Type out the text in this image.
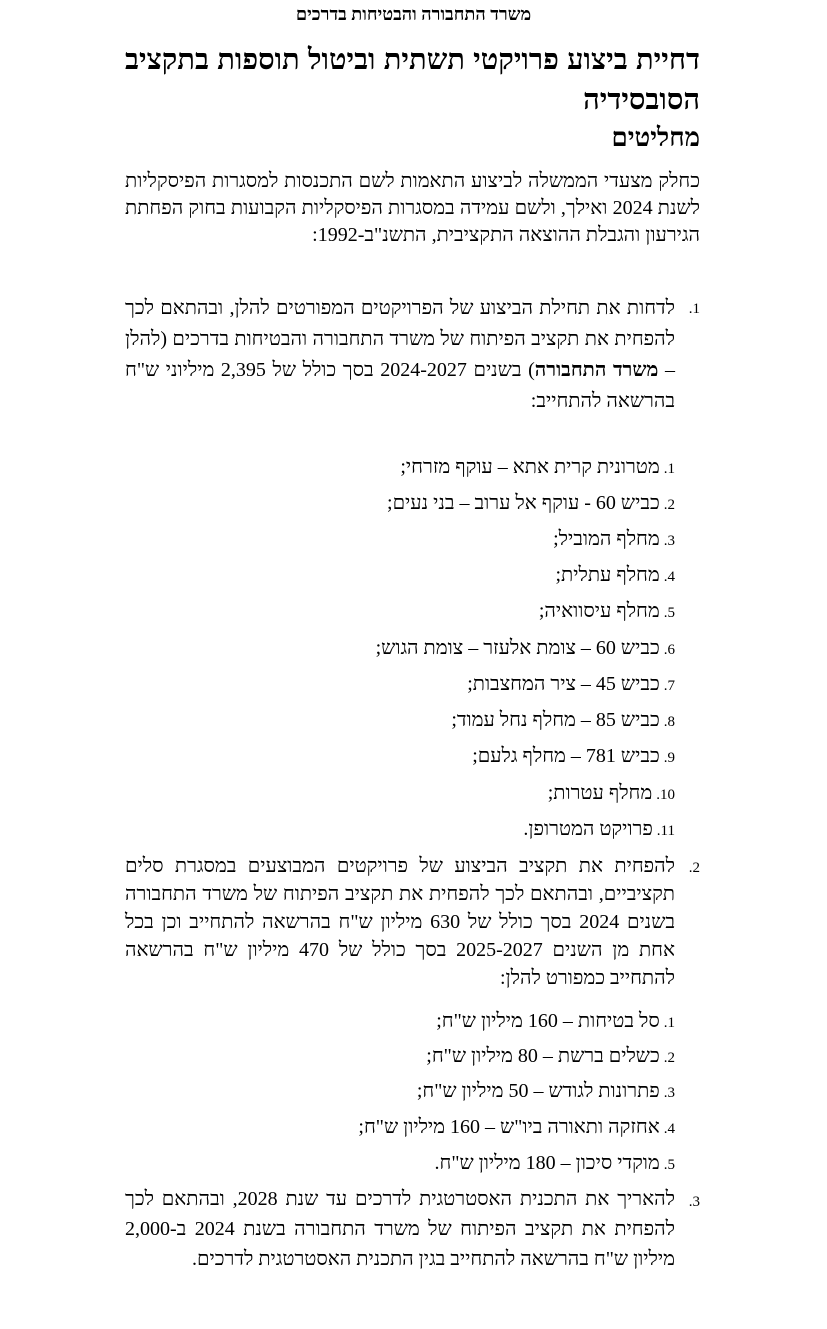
משרד התחבורה והבטיחות בדרכים
דחיית ביצוע פרויקטי תשתית וביטול תוספות בתקציב הסובסידיה
מחליטים
כחלק מצעדי הממשלה לביצוע התאמות לשם התכנסות למסגרות הפיסקליות לשנת 2024 ואילך, ולשם עמידה במסגרות הפיסקליות הקבועות בחוק הפחתת הגירעון והגבלת ההוצאה התקציבית, התשנ"ב-1992:
1.
לדחות את תחילת הביצוע של הפרויקטים המפורטים להלן, ובהתאם לכך להפחית את תקציב הפיתוח של משרד התחבורה והבטיחות בדרכים (להלן – משרד התחבורה) בשנים 2024-2027 בסך כולל של 2,395 מיליוני ש"ח בהרשאה להתחייב:
1.מטרונית קרית אתא – עוקף מזרחי;
2.כביש 60 - עוקף אל ערוב – בני נעים;
3.מחלף המוביל;
4.מחלף עתלית;
5.מחלף עיסוואיה;
6.כביש 60 – צומת אלעזר – צומת הגוש;
7.כביש 45 – ציר המחצבות;
8.כביש 85 – מחלף נחל עמוד;
9.כביש 781 – מחלף גלעם;
10.מחלף עטרות;
11.פרויקט המטרופן.
2.
להפחית את תקציב הביצוע של פרויקטים המבוצעים במסגרת סלים תקציביים, ובהתאם לכך להפחית את תקציב הפיתוח של משרד התחבורה בשנים 2024 בסך כולל של 630 מיליון ש"ח בהרשאה להתחייב וכן בכל אחת מן השנים 2025-2027 בסך כולל של 470 מיליון ש"ח בהרשאה להתחייב כמפורט להלן:
1.סל בטיחות – 160 מיליון ש"ח;
2.כשלים ברשת – 80 מיליון ש"ח;
3.פתרונות לגודש – 50 מיליון ש"ח;
4.אחזקה ותאורה ביו"ש – 160 מיליון ש"ח;
5.מוקדי סיכון – 180 מיליון ש"ח.
3.
להאריך את התכנית האסטרטגית לדרכים עד שנת 2028, ובהתאם לכך להפחית את תקציב הפיתוח של משרד התחבורה בשנת 2024 ב-2,000 מיליון ש"ח בהרשאה להתחייב בגין התכנית האסטרטגית לדרכים.
